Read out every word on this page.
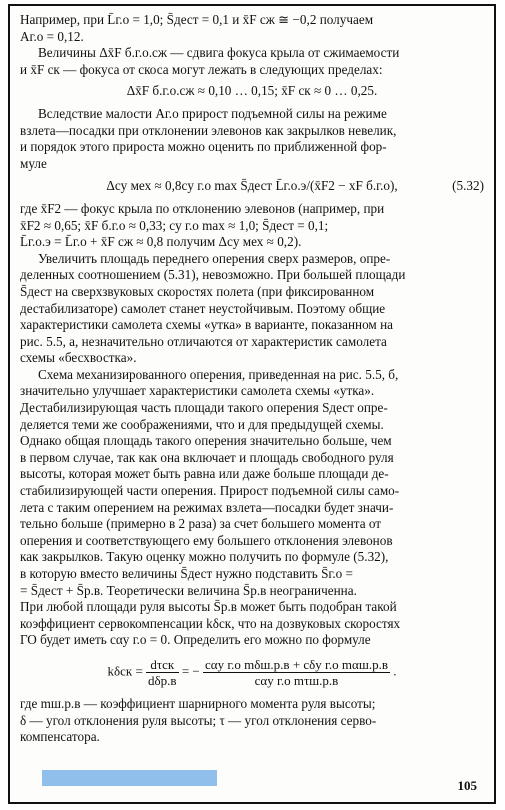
Например, при L̄г.о = 1,0; S̄дест = 0,1 и x̄F сж ≅ −0,2 получаем

Aг.о = 0,12.

Величины Δx̄F б.г.о.сж — сдвига фокуса крыла от сжимаемости

и x̄F ск — фокуса от скоса могут лежать в следующих пределах:

Δx̄F б.г.о.сж ≈ 0,10 … 0,15; x̄F ск ≈ 0 … 0,25.

Вследствие малости Aг.о прирост подъемной силы на режиме

взлета—посадки при отклонении элевонов как закрылков невелик,

и порядок этого прироста можно оценить по приближенной фор-

муле

Δcy мех ≈ 0,8cy г.о max S̄дест L̄г.о.э/(x̄F2 − xF б.г.о),	(5.32)

где x̄F2 — фокус крыла по отклонению элевонов (например, при

x̄F2 ≈ 0,65; x̄F б.г.о ≈ 0,33; cy г.о max ≈ 1,0; S̄дест = 0,1;

L̄г.о.э = L̄г.о + x̄F сж ≈ 0,8 получим Δcy мех ≈ 0,2).

Увеличить площадь переднего оперения сверх размеров, опре-

деленных соотношением (5.31), невозможно. При большей площади

S̄дест на сверхзвуковых скоростях полета (при фиксированном

дестабилизаторе) самолет станет неустойчивым. Поэтому общие

характеристики самолета схемы «утка» в варианте, показанном на

рис. 5.5, а, незначительно отличаются от характеристик самолета

схемы «бесхвостка».

Схема механизированного оперения, приведенная на рис. 5.5, б,

значительно улучшает характеристики самолета схемы «утка».

Дестабилизирующая часть площади такого оперения Sдест опре-

деляется теми же соображениями, что и для предыдущей схемы.

Однако общая площадь такого оперения значительно больше, чем

в первом случае, так как она включает и площадь свободного руля

высоты, которая может быть равна или даже больше площади де-

стабилизирующей части оперения. Прирост подъемной силы само-

лета с таким оперением на режимах взлета—посадки будет значи-

тельно больше (примерно в 2 раза) за счет большего момента от

оперения и соответствующего ему большего отклонения элевонов

как закрылков. Такую оценку можно получить по формуле (5.32),

в которую вместо величины S̄дест нужно подставить S̄г.о =

= S̄дест + S̄р.в. Теоретически величина S̄р.в неограниченна.

При любой площади руля высоты S̄р.в может быть подобран такой

коэффициент сервокомпенсации kδск, что на дозвуковых скоростях

ГО будет иметь cαy г.о = 0. Определить его можно по формуле

$k\delta ск = \frac{\text{dτск}}{\text{dδр.в}}$ = − $\frac{\text{cαy г.о mδш.р.в + cδy г.о mαш.р.в}}{\text{cαy г.о mτш.р.в}}$ .

где mш.р.в — коэффициент шарнирного момента руля высоты;

δ — угол отклонения руля высоты; τ — угол отклонения серво-

компенсатора.

105
